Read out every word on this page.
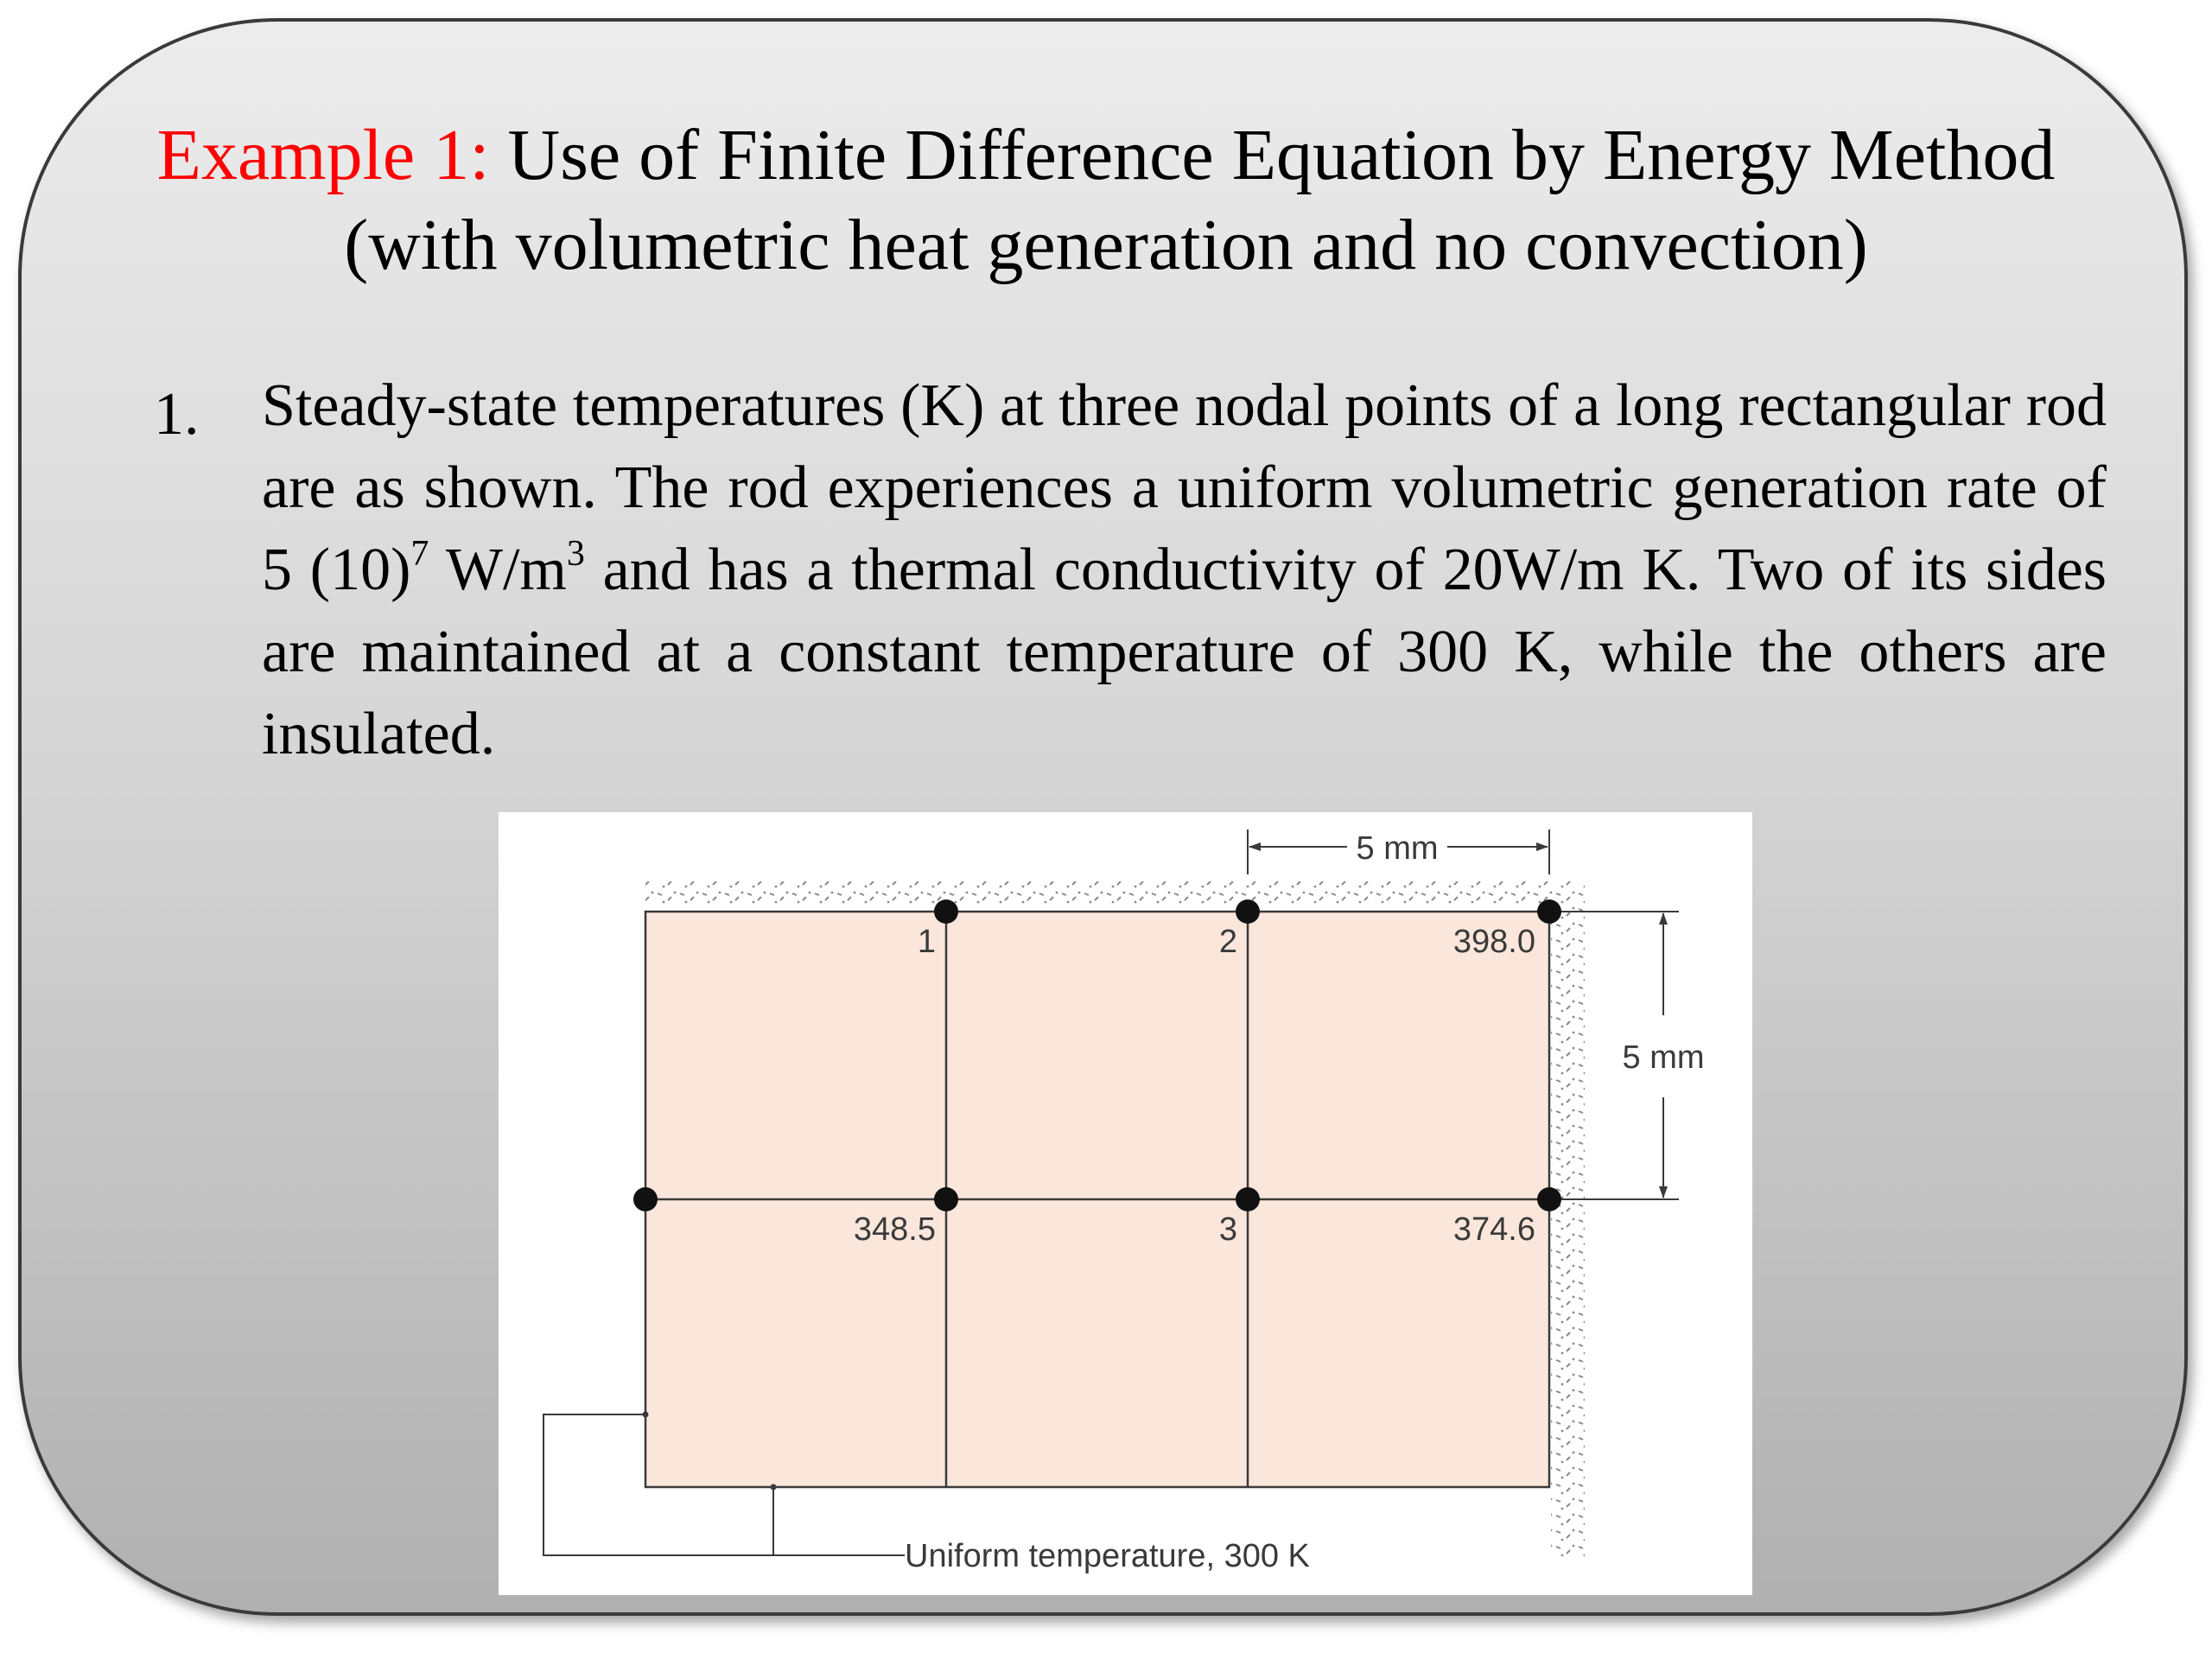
Example 1: Use of Finite Difference Equation by Energy Method
(with volumetric heat generation and no convection)
1. Steady-state temperatures (K) at three nodal points of a long rectangular rod are as shown. The rod experiences a uniform volumetric generation rate of 5 $(10)^7$ $W/m^3$ and has a thermal conductivity of 20W/m K. Two of its sides are maintained at a constant temperature of 300 K, while the others are insulated.
5 mm
5 mm
1	2	398.0
348.5	3	374.6
Uniform temperature, 300 K
